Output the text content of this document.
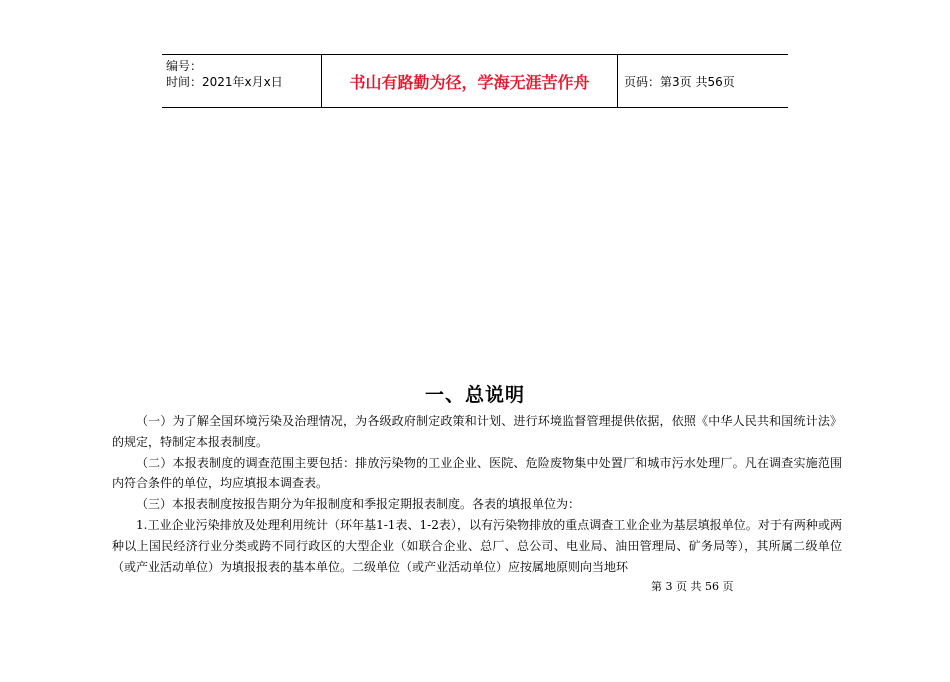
编号：
时间：2021年x月x日	书山有路勤为径，学海无涯苦作舟	页码：第3页 共56页
一、总说明

（一）为了解全国环境污染及治理情况，为各级政府制定政策和计划、进行环境监督管理提供依据，依照《中华人民共和国统计法》的规定，特制定本报表制度。

（二）本报表制度的调查范围主要包括：排放污染物的工业企业、医院、危险废物集中处置厂和城市污水处理厂。凡在调查实施范围内符合条件的单位，均应填报本调查表。

（三）本报表制度按报告期分为年报制度和季报定期报表制度。各表的填报单位为：

1.工业企业污染排放及处理利用统计（环年基1-1表、1-2表），以有污染物排放的重点调查工业企业为基层填报单位。对于有两种或两种以上国民经济行业分类或跨不同行政区的大型企业（如联合企业、总厂、总公司、电业局、油田管理局、矿务局等），其所属二级单位（或产业活动单位）为填报报表的基本单位。二级单位（或产业活动单位）应按属地原则向当地环

第 3 页 共 56 页
